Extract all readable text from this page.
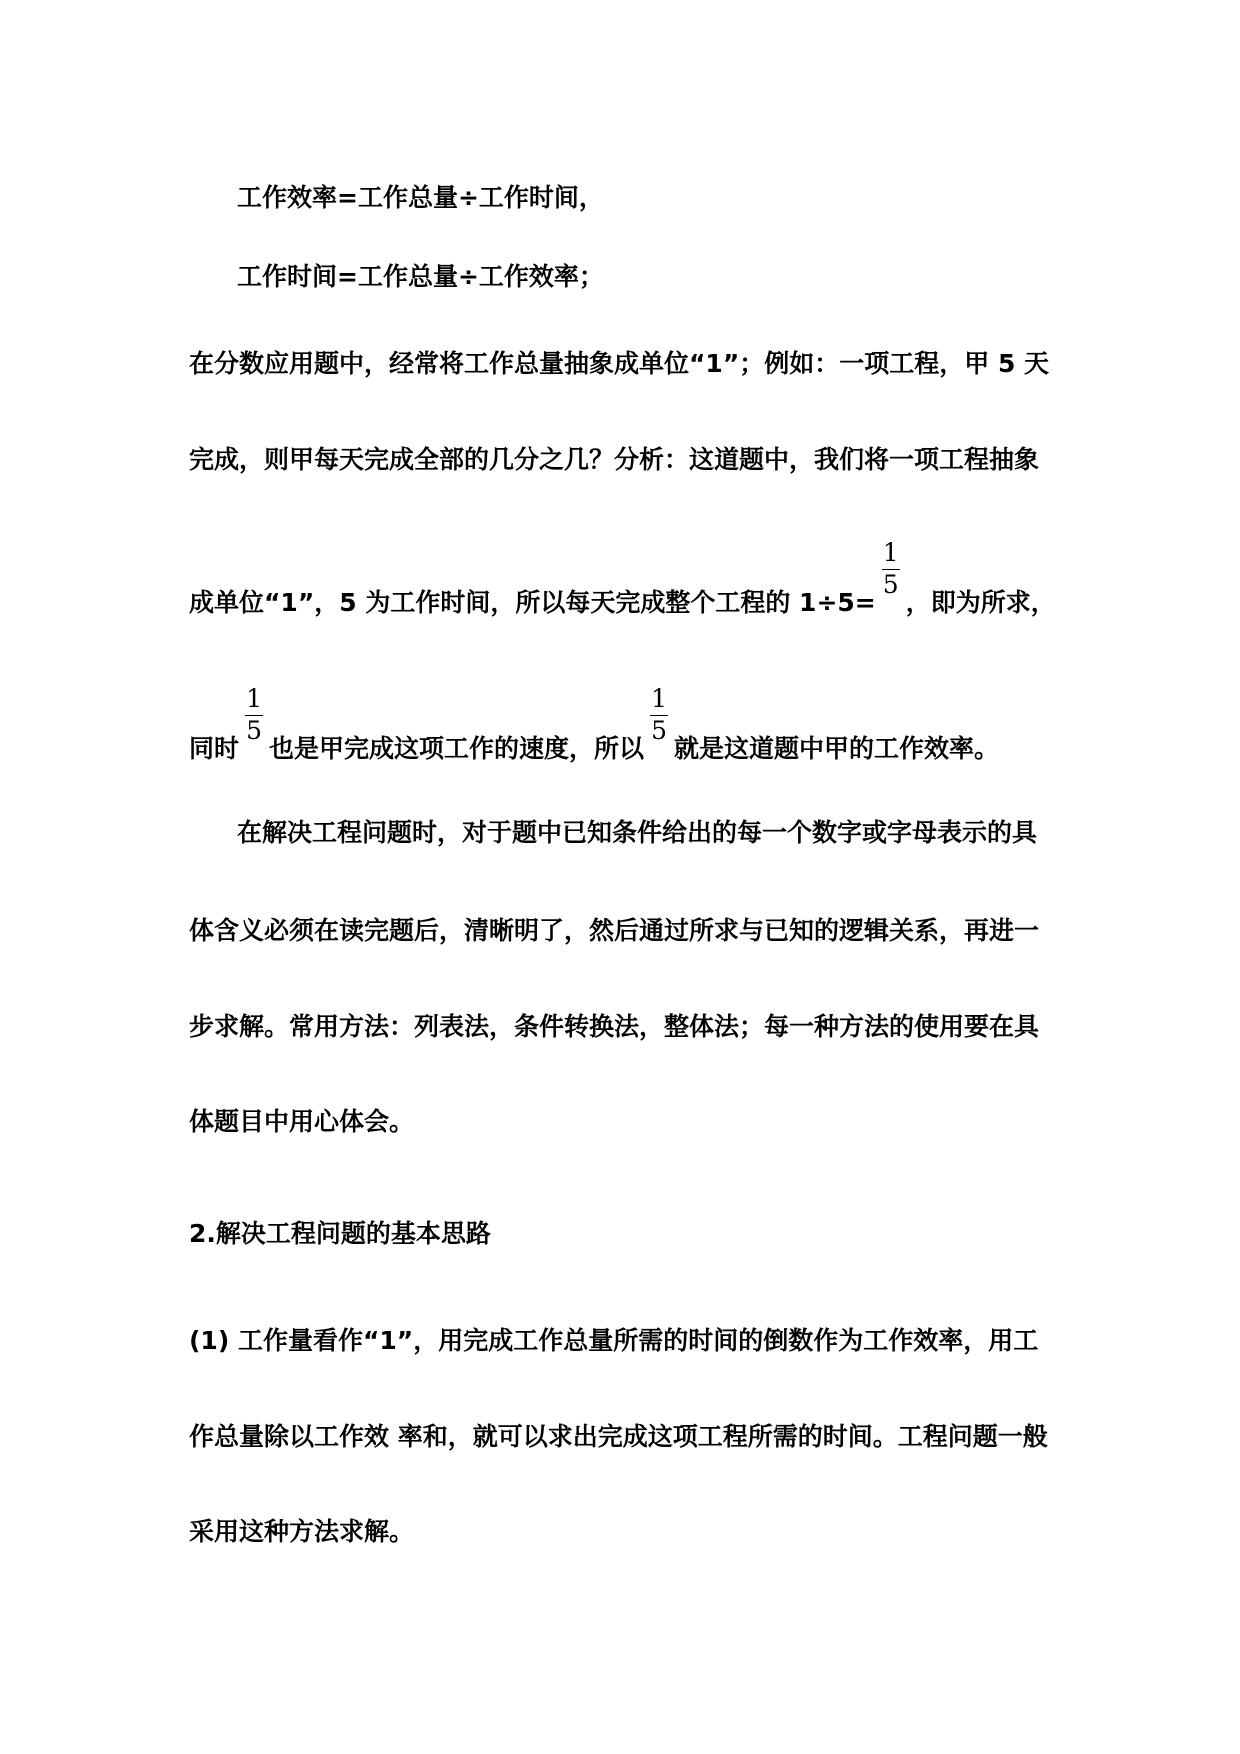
工作效率=工作总量÷工作时间，
工作时间=工作总量÷工作效率；
在分数应用题中，经常将工作总量抽象成单位“1”；例如：一项工程，甲 5 天
完成，则甲每天完成全部的几分之几？分析：这道题中，我们将一项工程抽象
成单位“1”，5 为工作时间，所以每天完成整个工程的 $1\div 5= \frac{1}{5}$ ，即为所求，
同时 $\frac{1}{5}$ 也是甲完成这项工作的速度，所以 $\frac{1}{5}$ 就是这道题中甲的工作效率。
在解决工程问题时，对于题中已知条件给出的每一个数字或字母表示的具
体含义必须在读完题后，清晰明了，然后通过所求与已知的逻辑关系，再进一
步求解。常用方法：列表法，条件转换法，整体法；每一种方法的使用要在具
体题目中用心体会。
2.解决工程问题的基本思路
(1) 工作量看作“1”，用完成工作总量所需的时间的倒数作为工作效率，用工
作总量除以工作效 率和，就可以求出完成这项工程所需的时间。工程问题一般
采用这种方法求解。
